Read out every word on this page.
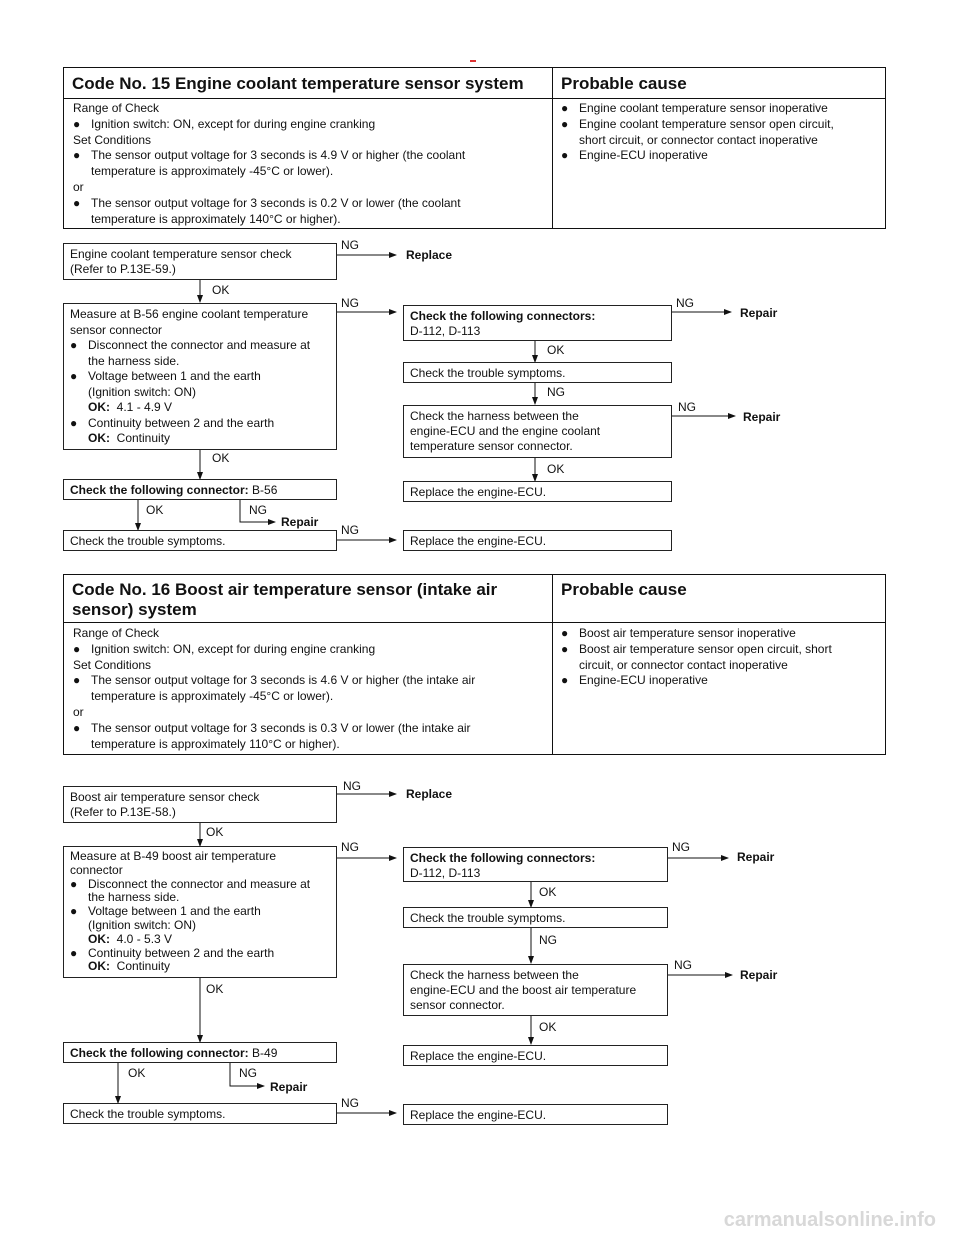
Code No. 15 Engine coolant temperature sensor system Probable cause
Range of Check
● Ignition switch: ON, except for during engine cranking
Set Conditions
● The sensor output voltage for 3 seconds is 4.9 V or higher (the coolant
temperature is approximately -45°C or lower).
or
● The sensor output voltage for 3 seconds is 0.2 V or lower (the coolant
temperature is approximately 140°C or higher).
● Engine coolant temperature sensor inoperative
● Engine coolant temperature sensor open circuit,
short circuit, or connector contact inoperative
● Engine-ECU inoperative
Engine coolant temperature sensor check
(Refer to P.13E-59.)
NG
Replace
OK
Measure at B-56 engine coolant temperature
sensor connector
● Disconnect the connector and measure at
the harness side.
● Voltage between 1 and the earth
(Ignition switch: ON)
OK: 4.1 - 4.9 V
● Continuity between 2 and the earth
OK: Continuity
NG
Check the following connectors:
D-112, D-113
NG
Repair
OK
Check the trouble symptoms.
NG
Check the harness between the
engine-ECU and the engine coolant
temperature sensor connector.
NG
Repair
OK
OK
Replace the engine-ECU.
Check the following connector: B-56
OK	NG
Repair
Check the trouble symptoms.
NG
Replace the engine-ECU.
Code No. 16 Boost air temperature sensor (intake air
sensor) system
Probable cause
Range of Check
● Ignition switch: ON, except for during engine cranking
Set Conditions
● The sensor output voltage for 3 seconds is 4.6 V or higher (the intake air
temperature is approximately -45°C or lower).
or
● The sensor output voltage for 3 seconds is 0.3 V or lower (the intake air
temperature is approximately 110°C or higher).
● Boost air temperature sensor inoperative
● Boost air temperature sensor open circuit, short
circuit, or connector contact inoperative
● Engine-ECU inoperative
Boost air temperature sensor check
(Refer to P.13E-58.)
NG
Replace
OK
Measure at B-49 boost air temperature
connector
● Disconnect the connector and measure at
the harness side.
● Voltage between 1 and the earth
(Ignition switch: ON)
OK: 4.0 - 5.3 V
● Continuity between 2 and the earth
OK: Continuity
NG
Check the following connectors:
D-112, D-113
NG
Repair
OK
Check the trouble symptoms.
NG
Check the harness between the
engine-ECU and the boost air temperature
sensor connector.
NG
Repair
OK
OK
Replace the engine-ECU.
Check the following connector: B-49
OK	NG
Repair
Check the trouble symptoms.
NG
Replace the engine-ECU.
carmanualsonline.info
